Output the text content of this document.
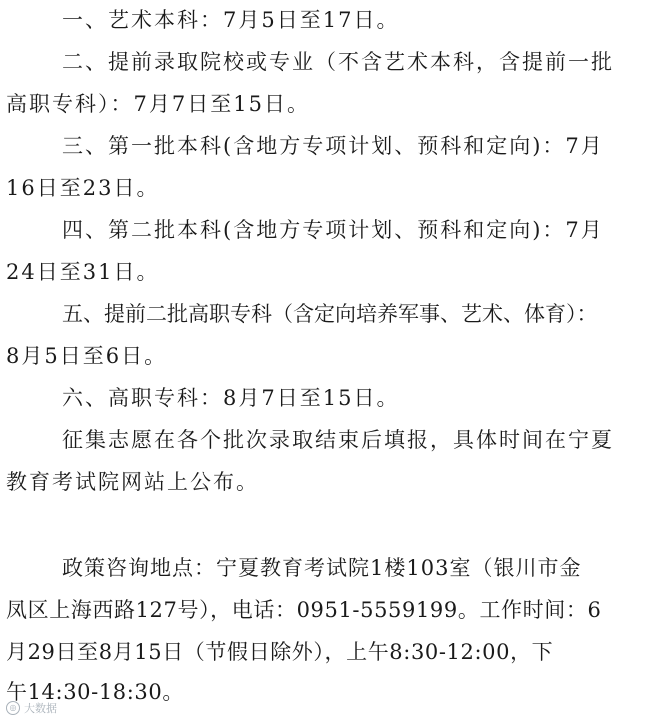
一、艺术本科：7月5日至17日。
二、提前录取院校或专业（不含艺术本科，含提前一批
高职专科）：7月7日至15日。
三、第一批本科(含地方专项计划、预科和定向)：7月
16日至23日。
四、第二批本科(含地方专项计划、预科和定向)：7月
24日至31日。
五、提前二批高职专科（含定向培养军事、艺术、体育）：
8月5日至6日。
六、高职专科：8月7日至15日。
征集志愿在各个批次录取结束后填报，具体时间在宁夏
教育考试院网站上公布。
政策咨询地点：宁夏教育考试院1楼103室（银川市金
凤区上海西路127号），电话：0951-5559199。工作时间：6
月29日至8月15日（节假日除外），上午8:30-12:00，下
午14:30-18:30。
◎ 大数据
